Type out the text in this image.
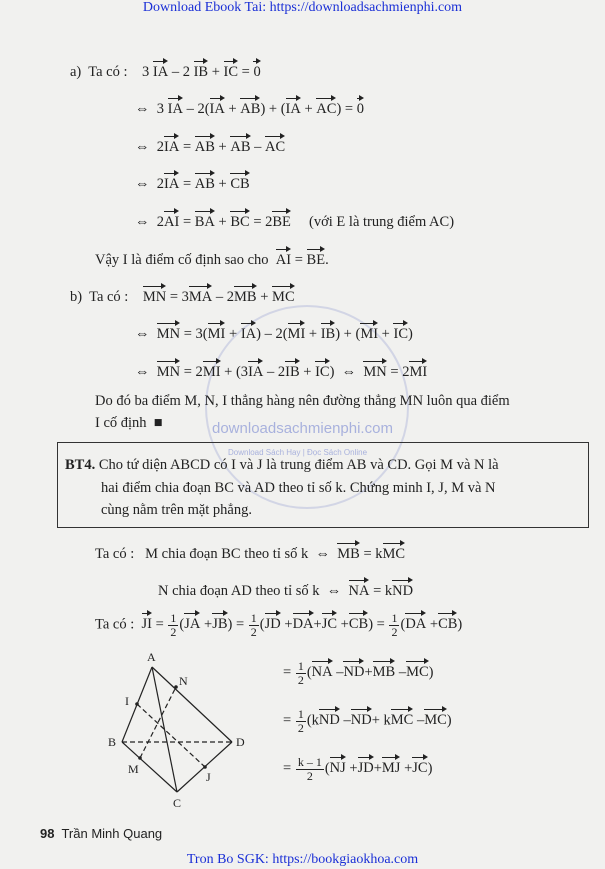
Download Ebook Tai: https://downloadsachmienphi.com
downloadsachmienphi.com
Download Sách Hay | Đọc Sách Online
a) Ta có : 3 IA – 2 IB + IC = 0
⇔ 3 IA – 2(IA + AB) + (IA + AC) = 0
⇔ 2IA = AB + AB – AC
⇔ 2IA = AB + CB
⇔ 2AI = BA + BC = 2BE (với E là trung điểm AC)
Vậy I là điểm cố định sao cho AI = BE.
b) Ta có : MN = 3MA – 2MB + MC
⇔ MN = 3(MI + IA) – 2(MI + IB) + (MI + IC)
⇔ MN = 2MI + (3IA – 2IB + IC) ⇔ MN = 2MI
Do đó ba điểm M, N, I thẳng hàng nên đường thẳng MN luôn qua điểm
I cố định ■
BT4. Cho tứ diện ABCD có I và J là trung điểm AB và CD. Gọi M và N là
hai điểm chia đoạn BC và AD theo tỉ số k. Chứng minh I, J, M và N
cùng nằm trên mặt phẳng.
Ta có : M chia đoạn BC theo tỉ số k ⇔ MB = kMC
N chia đoạn AD theo tỉ số k ⇔ NA = kND
Ta có : JI = $\frac{1}{2} (JA +JB) = \frac{1}{2} (JD +DA+JC +CB) = \frac{1}{2} (DA +CB)$
= $\frac{1}{2} (NA$ –ND+MB –MC)
= $\frac{1}{2} (kND$ –ND+ kMC –MC)
= $\frac{k - 1}{2} (NJ +JD+MJ +JC)$
A
B
C
D
I
J
M
N
98 Trần Minh Quang
Tron Bo SGK: https://bookgiaokhoa.com
